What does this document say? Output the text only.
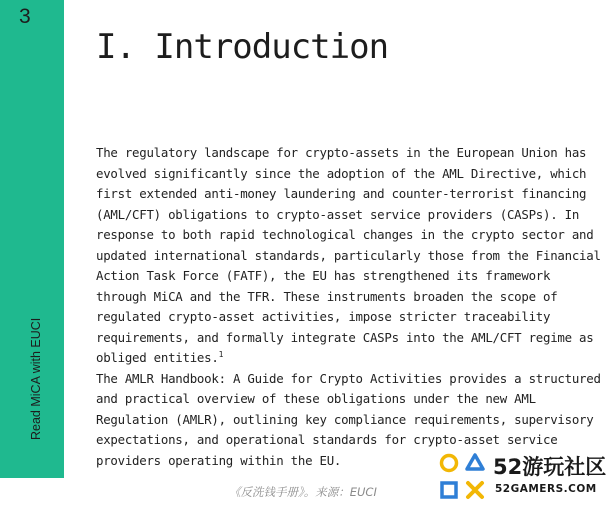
3
Read MiCA with EUCI
I. Introduction

The regulatory landscape for crypto-assets in the European Union has evolved significantly since the adoption of the AML Directive, which first extended anti-money laundering and counter-terrorist financing (AML/CFT) obligations to crypto-asset service providers (CASPs). In response to both rapid technological changes in the crypto sector and updated international standards, particularly those from the Financial Action Task Force (FATF), the EU has strengthened its framework through MiCA and the TFR. These instruments broaden the scope of regulated crypto-asset activities, impose stricter traceability requirements, and formally integrate CASPs into the AML/CFT regime as obliged entities.$^1$

The AMLR Handbook: A Guide for Crypto Activities provides a structured and practical overview of these obligations under the new AML Regulation (AMLR), outlining key compliance requirements, supervisory expectations, and operational standards for crypto-asset service providers operating within the EU.

《反洗钱手册》。来源：EUCI
52游玩社区
52GAMERS.COM
